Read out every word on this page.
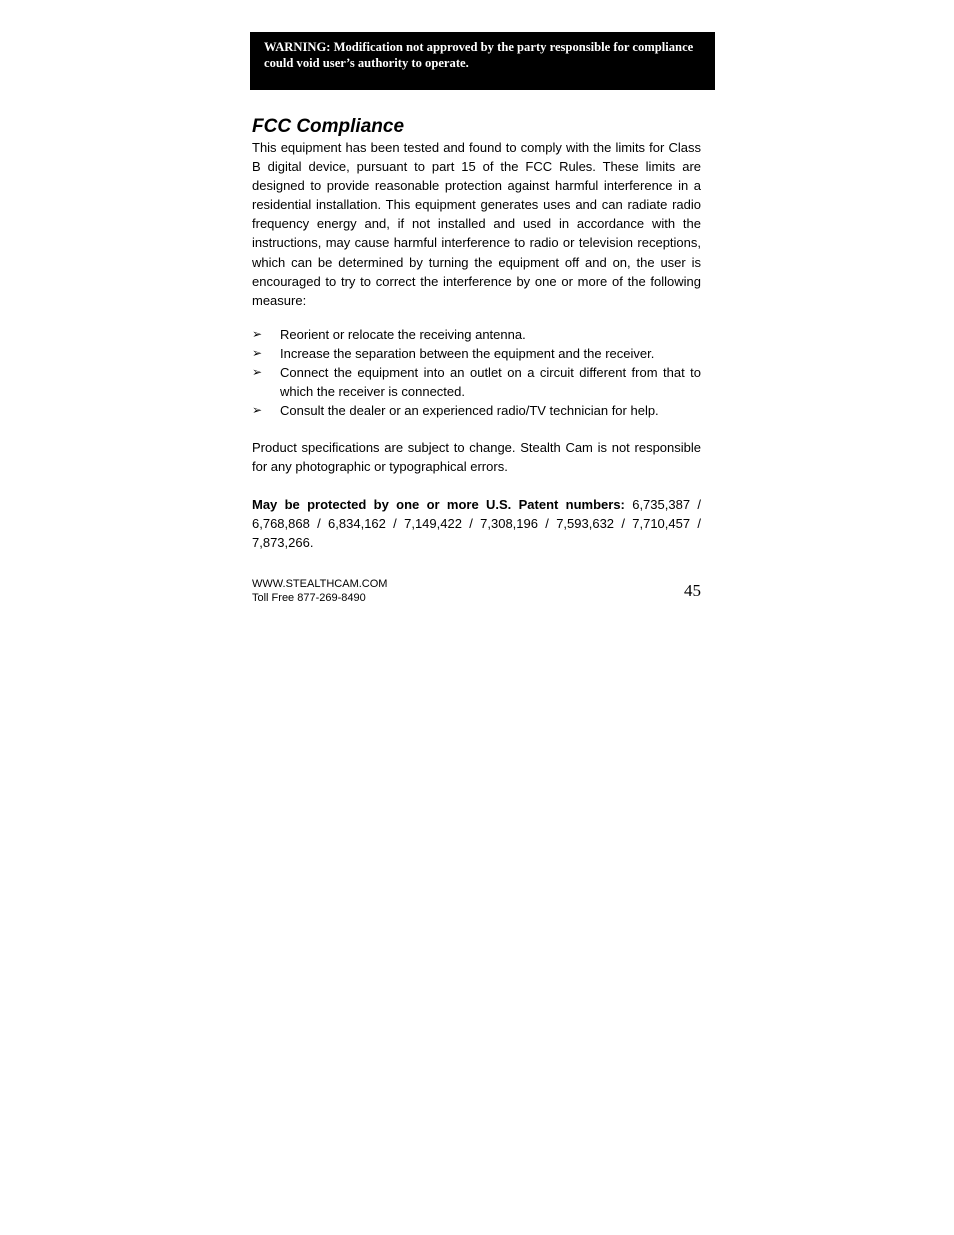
WARNING: Modification not approved by the party responsible for compliance could void user’s authority to operate.

FCC Compliance

This equipment has been tested and found to comply with the limits for Class B digital device, pursuant to part 15 of the FCC Rules. These limits are designed to provide reasonable protection against harmful interference in a residential installation. This equipment generates uses and can radiate radio frequency energy and, if not installed and used in accordance with the instructions, may cause harmful interference to radio or television receptions, which can be determined by turning the equipment off and on, the user is encouraged to try to correct the interference by one or more of the following measure:

➢	Reorient or relocate the receiving antenna.
➢	Increase the separation between the equipment and the receiver.
➢	Connect the equipment into an outlet on a circuit different from that to which the receiver is connected.
➢	Consult the dealer or an experienced radio/TV technician for help.

Product specifications are subject to change. Stealth Cam is not responsible for any photographic or typographical errors.

May be protected by one or more U.S. Patent numbers: 6,735,387 / 6,768,868 / 6,834,162 / 7,149,422 / 7,308,196 / 7,593,632 / 7,710,457 / 7,873,266.

WWW.STEALTHCAM.COM
Toll Free 877-269-8490	45
